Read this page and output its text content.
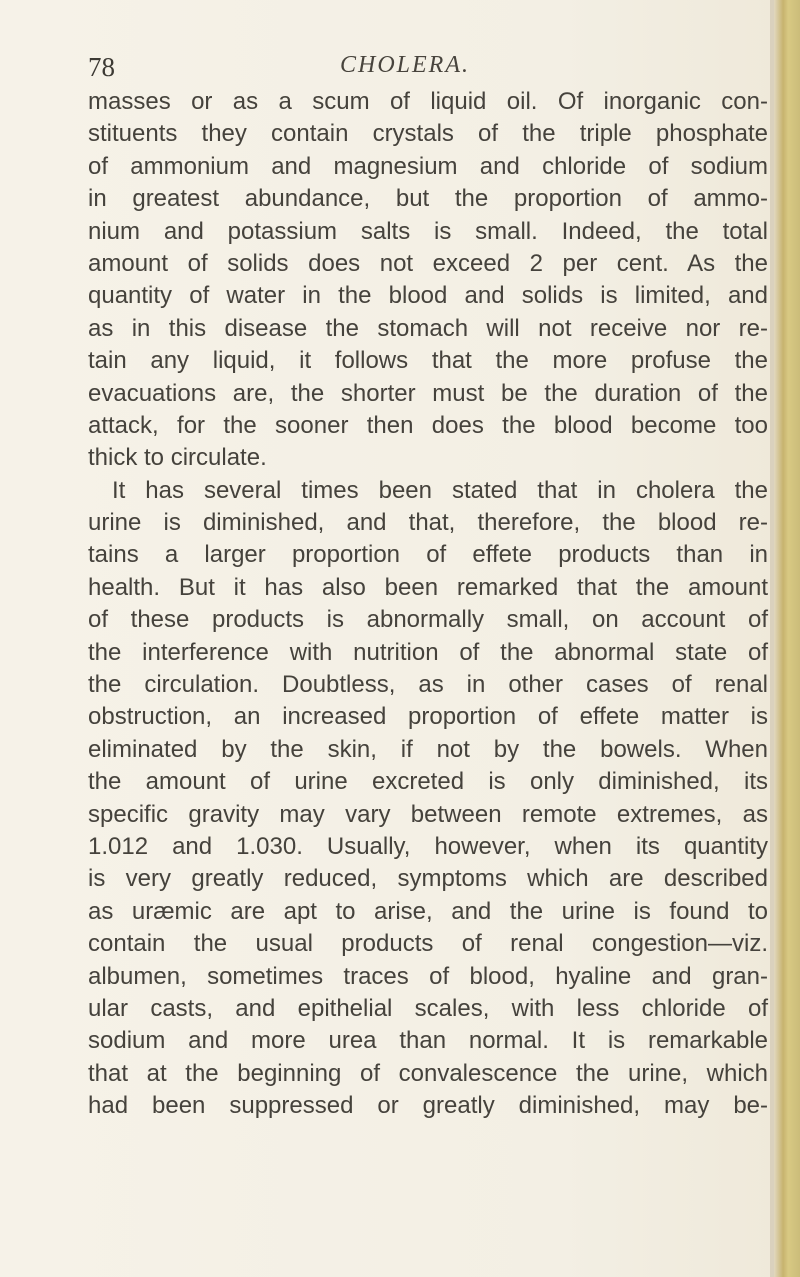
78	CHOLERA.
masses or as a scum of liquid oil. Of inorganic con-
stituents they contain crystals of the triple phosphate
of ammonium and magnesium and chloride of sodium
in greatest abundance, but the proportion of ammo-
nium and potassium salts is small. Indeed, the total
amount of solids does not exceed 2 per cent. As the
quantity of water in the blood and solids is limited, and
as in this disease the stomach will not receive nor re-
tain any liquid, it follows that the more profuse the
evacuations are, the shorter must be the duration of the
attack, for the sooner then does the blood become too
thick to circulate.
It has several times been stated that in cholera the
urine is diminished, and that, therefore, the blood re-
tains a larger proportion of effete products than in
health. But it has also been remarked that the amount
of these products is abnormally small, on account of
the interference with nutrition of the abnormal state of
the circulation. Doubtless, as in other cases of renal
obstruction, an increased proportion of effete matter is
eliminated by the skin, if not by the bowels. When
the amount of urine excreted is only diminished, its
specific gravity may vary between remote extremes, as
1.012 and 1.030. Usually, however, when its quantity
is very greatly reduced, symptoms which are described
as uræmic are apt to arise, and the urine is found to
contain the usual products of renal congestion—viz.
albumen, sometimes traces of blood, hyaline and gran-
ular casts, and epithelial scales, with less chloride of
sodium and more urea than normal. It is remarkable
that at the beginning of convalescence the urine, which
had been suppressed or greatly diminished, may be-
